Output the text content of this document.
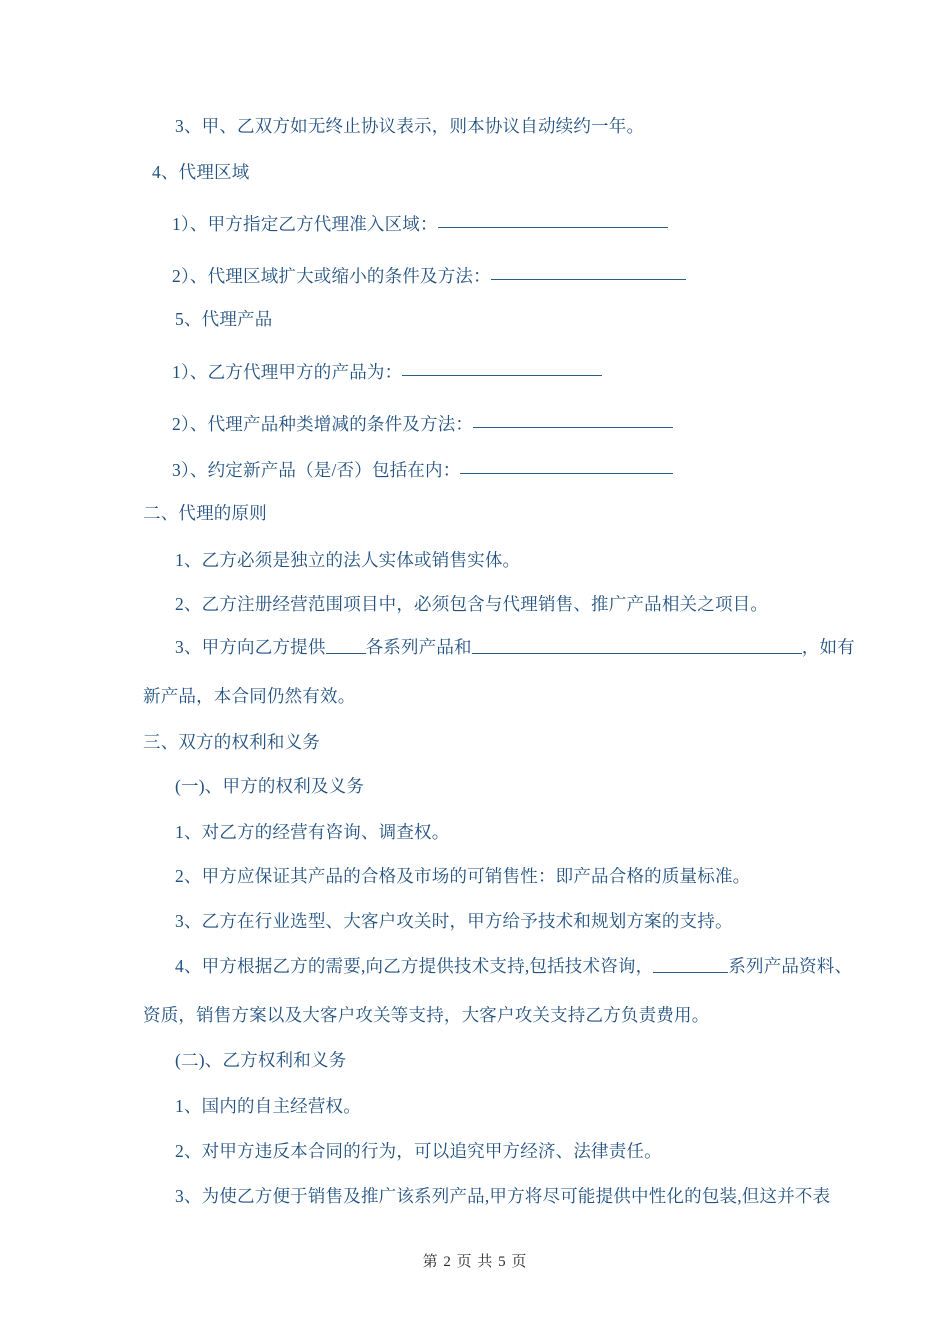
3、甲、乙双方如无终止协议表示，则本协议自动续约一年。
4、代理区域
1）、甲方指定乙方代理准入区域：
2）、代理区域扩大或缩小的条件及方法：
5、代理产品
1）、乙方代理甲方的产品为：
2）、代理产品种类增减的条件及方法：
3）、约定新产品（是/否）包括在内：
二、代理的原则
1、乙方必须是独立的法人实体或销售实体。
2、乙方注册经营范围项目中，必须包含与代理销售、推广产品相关之项目。
3、甲方向乙方提供 各系列产品和	，如有
新产品，本合同仍然有效。
三、双方的权利和义务
(一)、甲方的权利及义务
1、对乙方的经营有咨询、调查权。
2、甲方应保证其产品的合格及市场的可销售性：即产品合格的质量标准。
3、乙方在行业选型、大客户攻关时，甲方给予技术和规划方案的支持。
4、甲方根据乙方的需要,向乙方提供技术支持,包括技术咨询，	系列产品资料、
资质，销售方案以及大客户攻关等支持，大客户攻关支持乙方负责费用。
(二)、乙方权利和义务
1、国内的自主经营权。
2、对甲方违反本合同的行为，可以追究甲方经济、法律责任。
3、为使乙方便于销售及推广该系列产品,甲方将尽可能提供中性化的包装,但这并不表
第 2 页 共 5 页
